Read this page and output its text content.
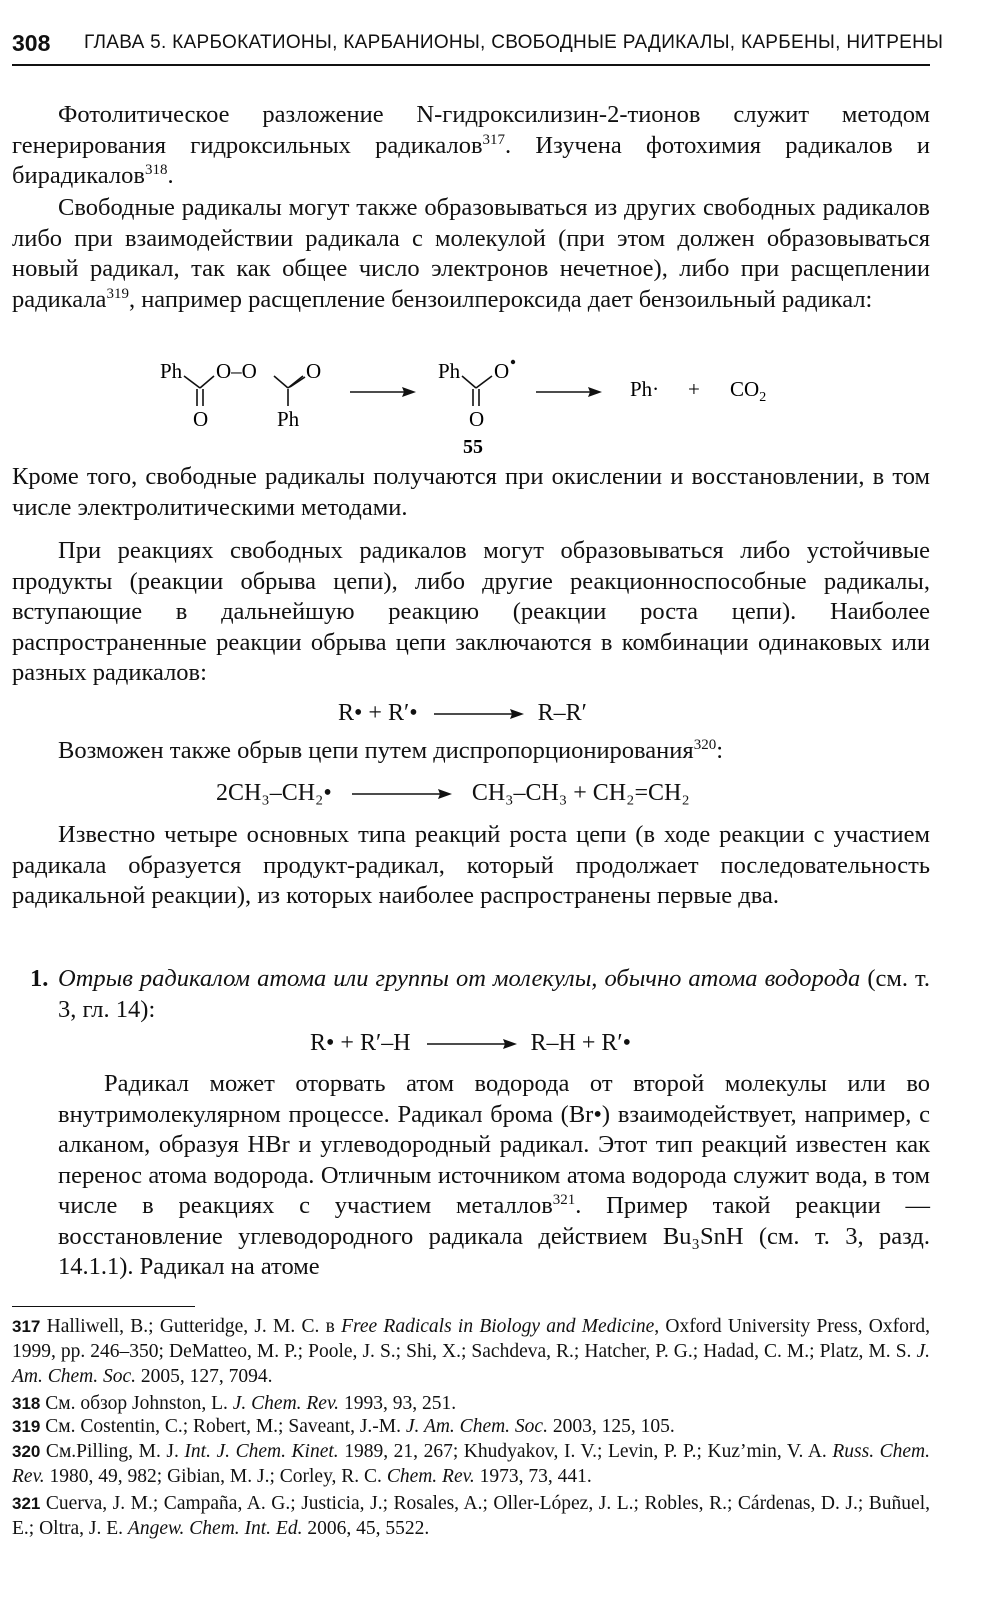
308 ГЛАВА 5. КАРБОКАТИОНЫ, КАРБАНИОНЫ, СВОБОДНЫЕ РАДИКАЛЫ, КАРБЕНЫ, НИТРЕНЫ

Фотолитическое разложение N-гидроксилизин-2-тионов служит методом генерирования гидроксильных радикалов$^{317}$. Изучена фотохимия радикалов и бирадикалов$^{318}$.

Свободные радикалы могут также образовываться из других свободных радикалов либо при взаимодействии радикала с молекулой (при этом должен образовываться новый радикал, так как общее число электронов нечетное), либо при расщеплении радикала$^{319}$, например расщепление бензоилпероксида дает бензоильный радикал:

Ph O–O O
O	Ph
Ph O
O
55
$Ph\cdot + CO_2$

Кроме того, свободные радикалы получаются при окислении и восстановлении, в том числе электролитическими методами.

При реакциях свободных радикалов могут образовываться либо устойчивые продукты (реакции обрыва цепи), либо другие реакционноспособные радикалы, вступающие в дальнейшую реакцию (реакции роста цепи). Наиболее распространенные реакции обрыва цепи заключаются в комбинации одинаковых или разных радикалов:

R• + R′• → R–R′

Возможен также обрыв цепи путем диспропорционирования$^{320}$:

2CH₃–CH₂•	CH₃–CH₃ + CH₂=CH₂

Известно четыре основных типа реакций роста цепи (в ходе реакции с участием радикала образуется продукт-радикал, который продолжает последовательность радикальной реакции), из которых наиболее распространены первые два.

1. Отрыв радикалом атома или группы от молекулы, обычно атома водорода (см. т. 3, гл. 14):
R• + R′–H → R–H + R′•

Радикал может оторвать атом водорода от второй молекулы или во внутримолекулярном процессе. Радикал брома (Br•) взаимодействует, например, с алканом, образуя HBr и углеводородный радикал. Этот тип реакций известен как перенос атома водорода. Отличным источником атома водорода служит вода, в том числе в реакциях с участием металлов$^{321}$. Пример такой реакции — восстановление углеводородного радикала действием Bu₃SnH (см. т. 3, разд. 14.1.1). Радикал на атоме

317 Halliwell, B.; Gutteridge, J. M. C. в Free Radicals in Biology and Medicine, Oxford University Press, Oxford, 1999, pp. 246–350; DeMatteo, M. P.; Poole, J. S.; Shi, X.; Sachdeva, R.; Hatcher, P. G.; Hadad, C. M.; Platz, M. S. J. Am. Chem. Soc. 2005, 127, 7094.

318 См. обзор Johnston, L. J. Chem. Rev. 1993, 93, 251.

319 См. Costentin, C.; Robert, M.; Saveant, J.-M. J. Am. Chem. Soc. 2003, 125, 105.

320 См.Pilling, M. J. Int. J. Chem. Kinet. 1989, 21, 267; Khudyakov, I. V.; Levin, P. P.; Kuz’min, V. A. Russ. Chem. Rev. 1980, 49, 982; Gibian, M. J.; Corley, R. C. Chem. Rev. 1973, 73, 441.

321 Cuerva, J. M.; Campaña, A. G.; Justicia, J.; Rosales, A.; Oller-López, J. L.; Robles, R.; Cárdenas, D. J.; Buñuel, E.; Oltra, J. E. Angew. Chem. Int. Ed. 2006, 45, 5522.
